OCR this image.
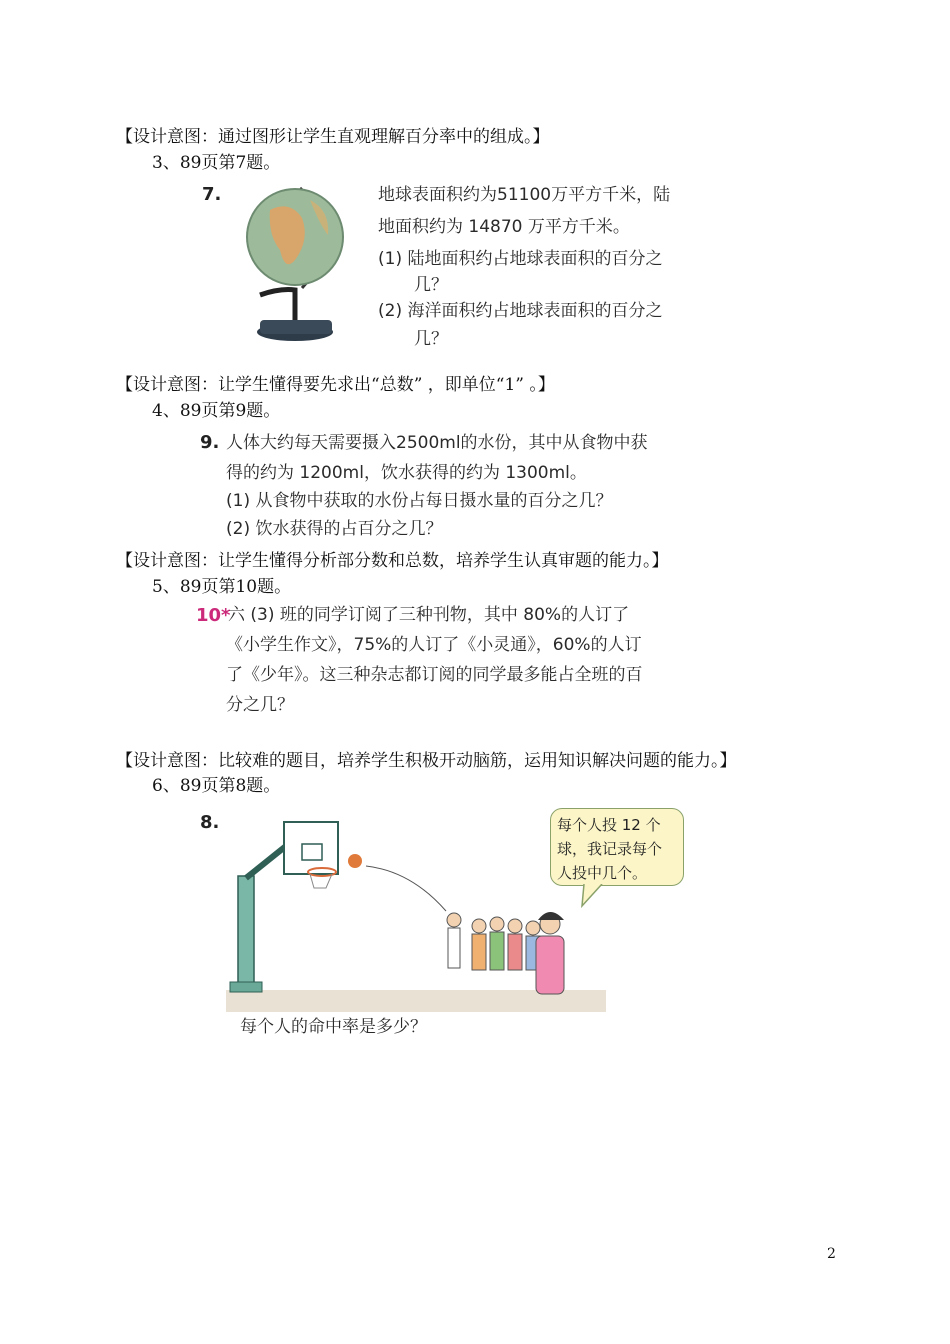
【设计意图：通过图形让学生直观理解百分率中的组成。】
3、89页第7题。
7.	地球表面积约为51100万平方千米，陆
地面积约为 14870 万平方千米。
(1) 陆地面积约占地球表面积的百分之
几？
(2) 海洋面积约占地球表面积的百分之
几？
【设计意图：让学生懂得要先求出“总数” ，即单位“1” 。】
4、89页第9题。
9. 人体大约每天需要摄入2500ml的水份，其中从食物中获
得的约为 1200ml，饮水获得的约为 1300ml。
(1) 从食物中获取的水份占每日摄水量的百分之几？
(2) 饮水获得的占百分之几？
【设计意图：让学生懂得分析部分数和总数，培养学生认真审题的能力。】
5、89页第10题。
10*
六 (3) 班的同学订阅了三种刊物，其中 80%的人订了
《小学生作文》，75%的人订了《小灵通》，60%的人订
了《少年》。这三种杂志都订阅的同学最多能占全班的百
分之几？
【设计意图：比较难的题目，培养学生积极开动脑筋，运用知识解决问题的能力。】
6、89页第8题。
8.	每个人投 12 个
球，我记录每个
人投中几个。
每个人的命中率是多少？
2
